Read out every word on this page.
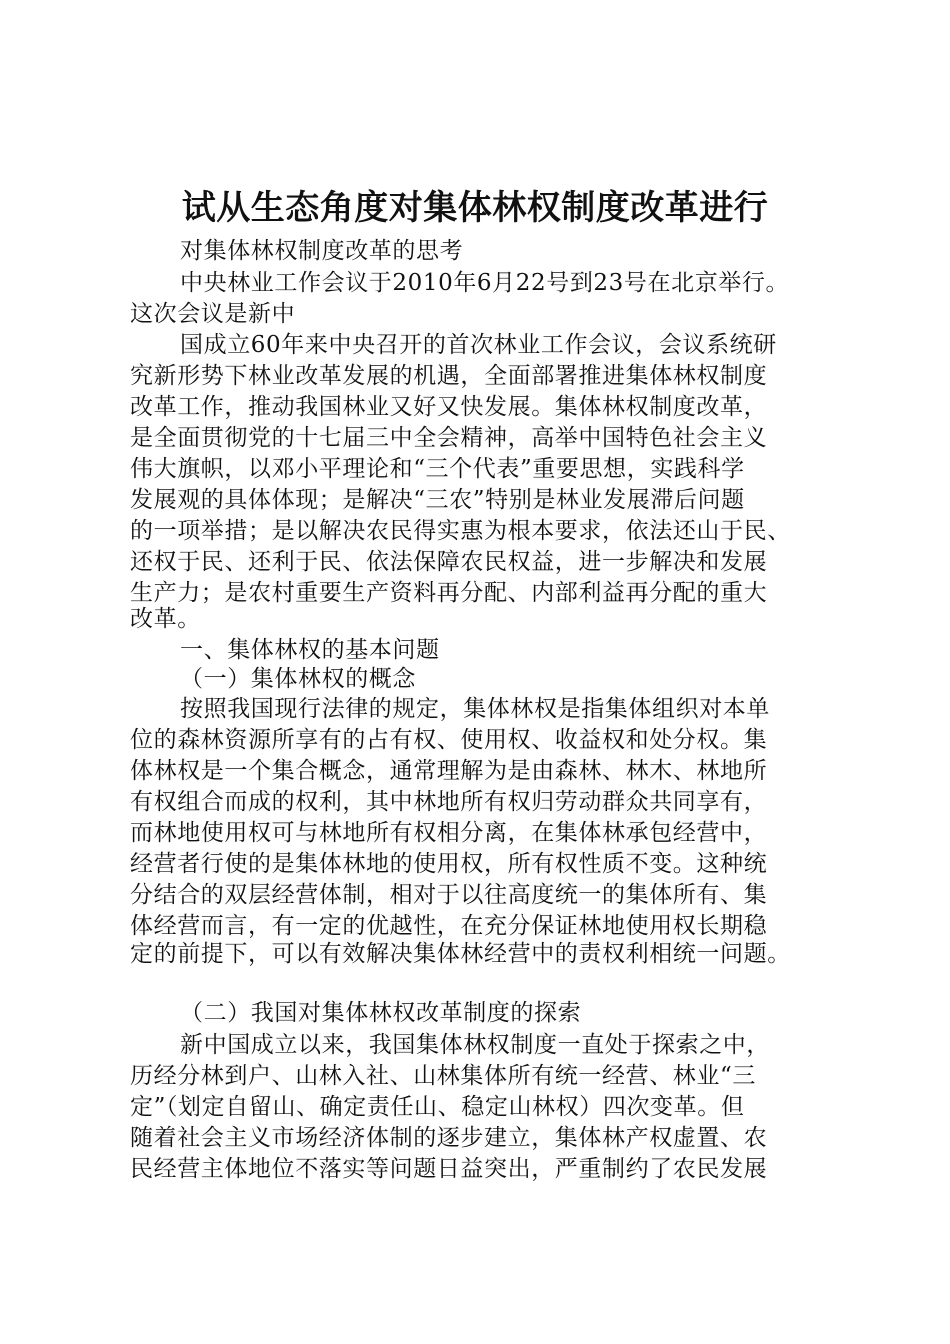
试从生态角度对集体林权制度改革进行

对集体林权制度改革的思考

中央林业工作会议于2010年6月22号到23号在北京举行。

这次会议是新中

国成立60年来中央召开的首次林业工作会议，会议系统研

究新形势下林业改革发展的机遇，全面部署推进集体林权制度

改革工作，推动我国林业又好又快发展。集体林权制度改革，

是全面贯彻党的十七届三中全会精神，高举中国特色社会主义

伟大旗帜，以邓小平理论和“三个代表”重要思想，实践科学

发展观的具体体现；是解决“三农”特别是林业发展滞后问题

的一项举措；是以解决农民得实惠为根本要求，依法还山于民、

还权于民、还利于民、依法保障农民权益，进一步解决和发展

生产力；是农村重要生产资料再分配、内部利益再分配的重大

改革。

一、集体林权的基本问题

（一）集体林权的概念

按照我国现行法律的规定，集体林权是指集体组织对本单

位的森林资源所享有的占有权、使用权、收益权和处分权。集

体林权是一个集合概念，通常理解为是由森林、林木、林地所

有权组合而成的权利，其中林地所有权归劳动群众共同享有，

而林地使用权可与林地所有权相分离，在集体林承包经营中，

经营者行使的是集体林地的使用权，所有权性质不变。这种统

分结合的双层经营体制，相对于以往高度统一的集体所有、集

体经营而言，有一定的优越性，在充分保证林地使用权长期稳

定的前提下，可以有效解决集体林经营中的责权利相统一问题。

（二）我国对集体林权改革制度的探索

新中国成立以来，我国集体林权制度一直处于探索之中，

历经分林到户、山林入社、山林集体所有统一经营、林业“三

定”（划定自留山、确定责任山、稳定山林权）四次变革。但

随着社会主义市场经济体制的逐步建立，集体林产权虚置、农

民经营主体地位不落实等问题日益突出，严重制约了农民发展
